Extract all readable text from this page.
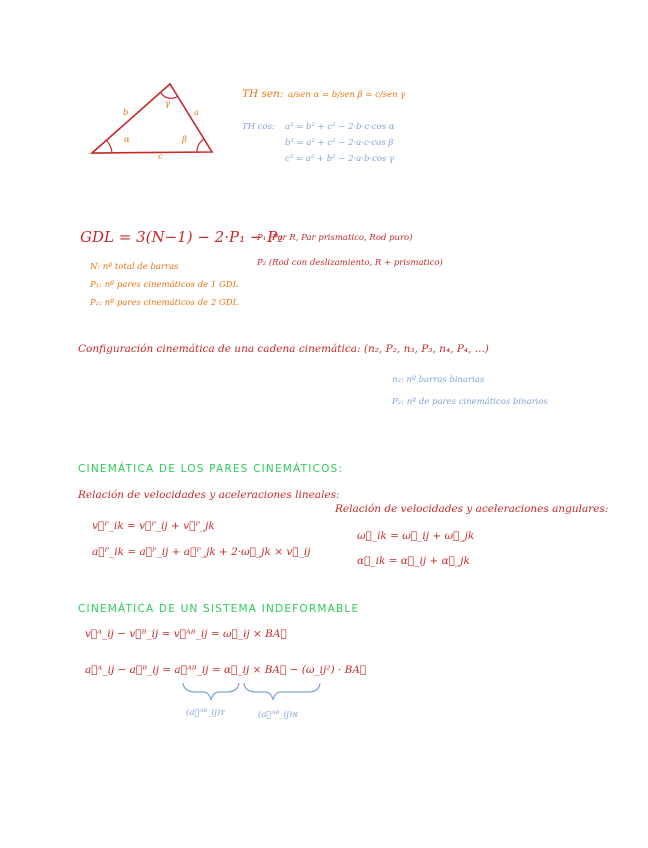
b	a
c
γ
α	β
TH sen: a/sen α = b/sen β = c/sen γ
TH cos: a² = b² + c² − 2·b·c·cos α
b² = a² + c² − 2·a·c·cos β
c² = a² + b² − 2·a·b·cos γ
GDL = 3(N−1) − 2·P₁ − P₂
P₁ (Par R, Par prismatico, Rod puro)
P₂ (Rod con deslizamiento, R + prismatico)
N: nº total de barras
P₁: nº pares cinemáticos de 1 GDL
P₂: nº pares cinemáticos de 2 GDL
Configuración cinemática de una cadena cinemática: (n₂, P₂, n₃, P₃, n₄, P₄, ...)
n₂: nº barras binarias
P₂: nº de pares cinemáticos binarios
CINEMÁTICA DE LOS PARES CINEMÁTICOS:
Relación de velocidades y aceleraciones lineales:
v⃗ᴾ_ik = v⃗ᴾ_ij + v⃗ᴾ_jk
a⃗ᴾ_ik = a⃗ᴾ_ij + a⃗ᴾ_jk + 2·ω⃗_jk × v⃗_ij
Relación de velocidades y aceleraciones angulares:
ω⃗_ik = ω⃗_ij + ω⃗_jk
α⃗_ik = α⃗_ij + α⃗_jk
CINEMÁTICA DE UN SISTEMA INDEFORMABLE
v⃗ᴬ_ij − v⃗ᴮ_ij = v⃗ᴬᴮ_ij = ω⃗_ij × BA⃗
a⃗ᴬ_ij − a⃗ᴮ_ij = a⃗ᴬᴮ_ij = α⃗_ij × BA⃗ − (ω_ij²) · BA⃗
(a⃗ᴬᴮ_ij)ᴛ	(a⃗ᴬᴮ_ij)ɴ
